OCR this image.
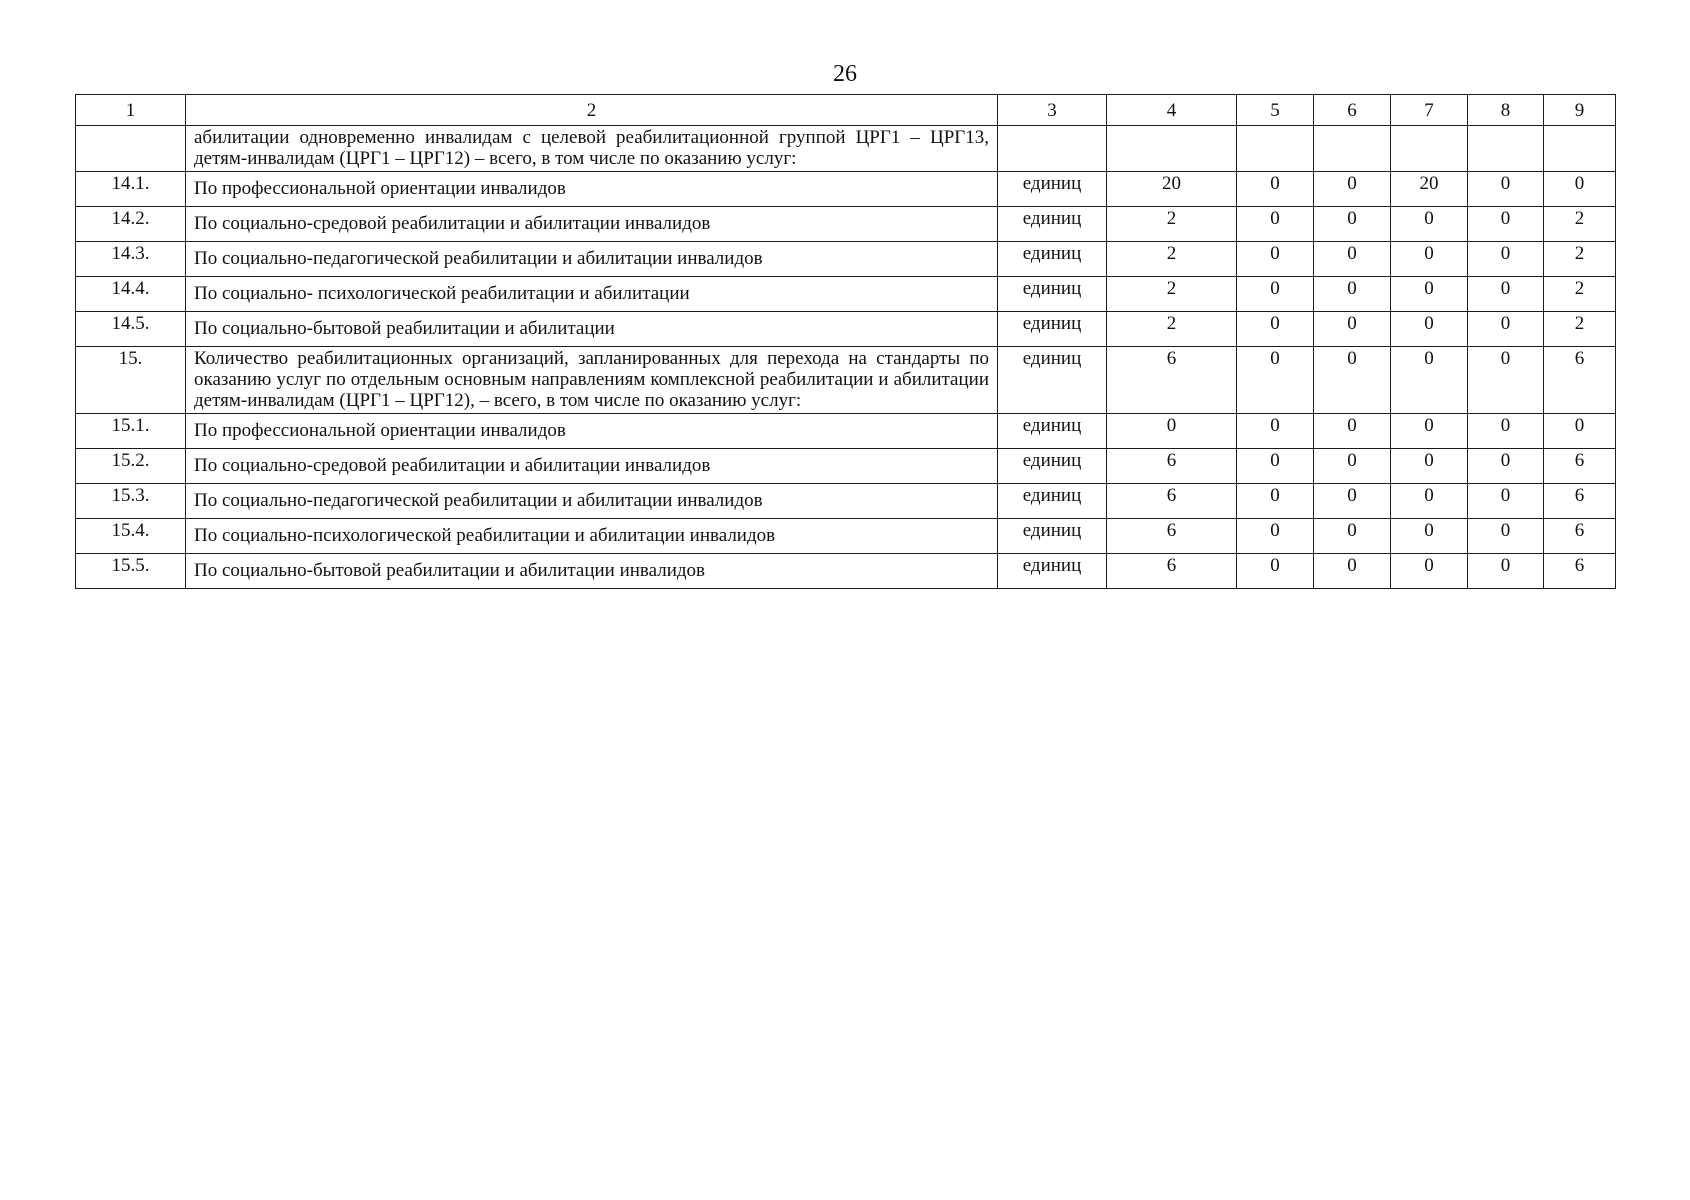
26
1	2	3	4	5	6	7	8	9
	абилитации одновременно инвалидам с целевой реабилитационной группой ЦРГ1 – ЦРГ13, детям-инвалидам (ЦРГ1 – ЦРГ12) – всего, в том числе по оказанию услуг:							
14.1.	По профессиональной ориентации инвалидов	единиц	20	0	0	20	0	0
14.2.	По социально-средовой реабилитации и абилитации инвалидов	единиц	2	0	0	0	0	2
14.3.	По социально-педагогической реабилитации и абилитации инвалидов	единиц	2	0	0	0	0	2
14.4.	По социально- психологической реабилитации и абилитации	единиц	2	0	0	0	0	2
14.5.	По социально-бытовой реабилитации и абилитации	единиц	2	0	0	0	0	2
15.	Количество реабилитационных организаций, запланированных для перехода на стандарты по оказанию услуг по отдельным основным направлениям комплексной реабилитации и абилитации детям-инвалидам (ЦРГ1 – ЦРГ12), – всего, в том числе по оказанию услуг:	единиц	6	0	0	0	0	6
15.1.	По профессиональной ориентации инвалидов	единиц	0	0	0	0	0	0
15.2.	По социально-средовой реабилитации и абилитации инвалидов	единиц	6	0	0	0	0	6
15.3.	По социально-педагогической реабилитации и абилитации инвалидов	единиц	6	0	0	0	0	6
15.4.	По социально-психологической реабилитации и абилитации инвалидов	единиц	6	0	0	0	0	6
15.5.	По социально-бытовой реабилитации и абилитации инвалидов	единиц	6	0	0	0	0	6
